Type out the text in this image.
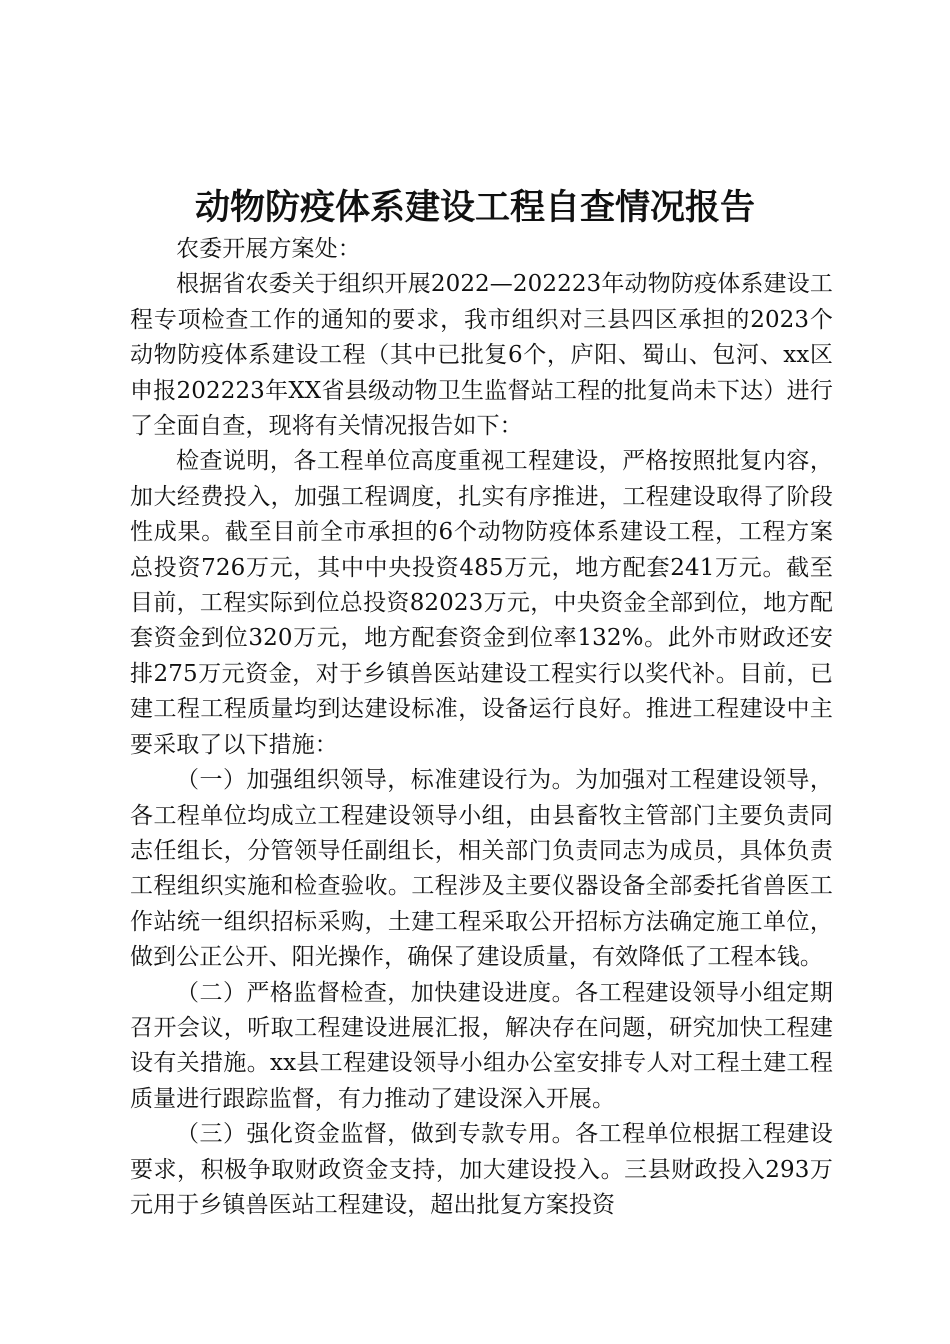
动物防疫体系建设工程自查情况报告

农委开展方案处：

根据省农委关于组织开展2022—202223年动物防疫体系建设工程专项检查工作的通知的要求，我市组织对三县四区承担的2023个动物防疫体系建设工程（其中已批复6个，庐阳、蜀山、包河、xx区申报202223年XX省县级动物卫生监督站工程的批复尚未下达）进行了全面自查，现将有关情况报告如下：

检查说明，各工程单位高度重视工程建设，严格按照批复内容，加大经费投入，加强工程调度，扎实有序推进，工程建设取得了阶段性成果。截至目前全市承担的6个动物防疫体系建设工程，工程方案总投资726万元，其中中央投资485万元，地方配套241万元。截至目前，工程实际到位总投资82023万元，中央资金全部到位，地方配套资金到位320万元，地方配套资金到位率132%。此外市财政还安排275万元资金，对于乡镇兽医站建设工程实行以奖代补。目前，已建工程工程质量均到达建设标准，设备运行良好。推进工程建设中主要采取了以下措施：

（一）加强组织领导，标准建设行为。为加强对工程建设领导，各工程单位均成立工程建设领导小组，由县畜牧主管部门主要负责同志任组长，分管领导任副组长，相关部门负责同志为成员，具体负责工程组织实施和检查验收。工程涉及主要仪器设备全部委托省兽医工作站统一组织招标采购，土建工程采取公开招标方法确定施工单位，做到公正公开、阳光操作，确保了建设质量，有效降低了工程本钱。

（二）严格监督检查，加快建设进度。各工程建设领导小组定期召开会议，听取工程建设进展汇报，解决存在问题，研究加快工程建设有关措施。xx县工程建设领导小组办公室安排专人对工程土建工程质量进行跟踪监督，有力推动了建设深入开展。

（三）强化资金监督，做到专款专用。各工程单位根据工程建设要求，积极争取财政资金支持，加大建设投入。三县财政投入293万元用于乡镇兽医站工程建设，超出批复方案投资
